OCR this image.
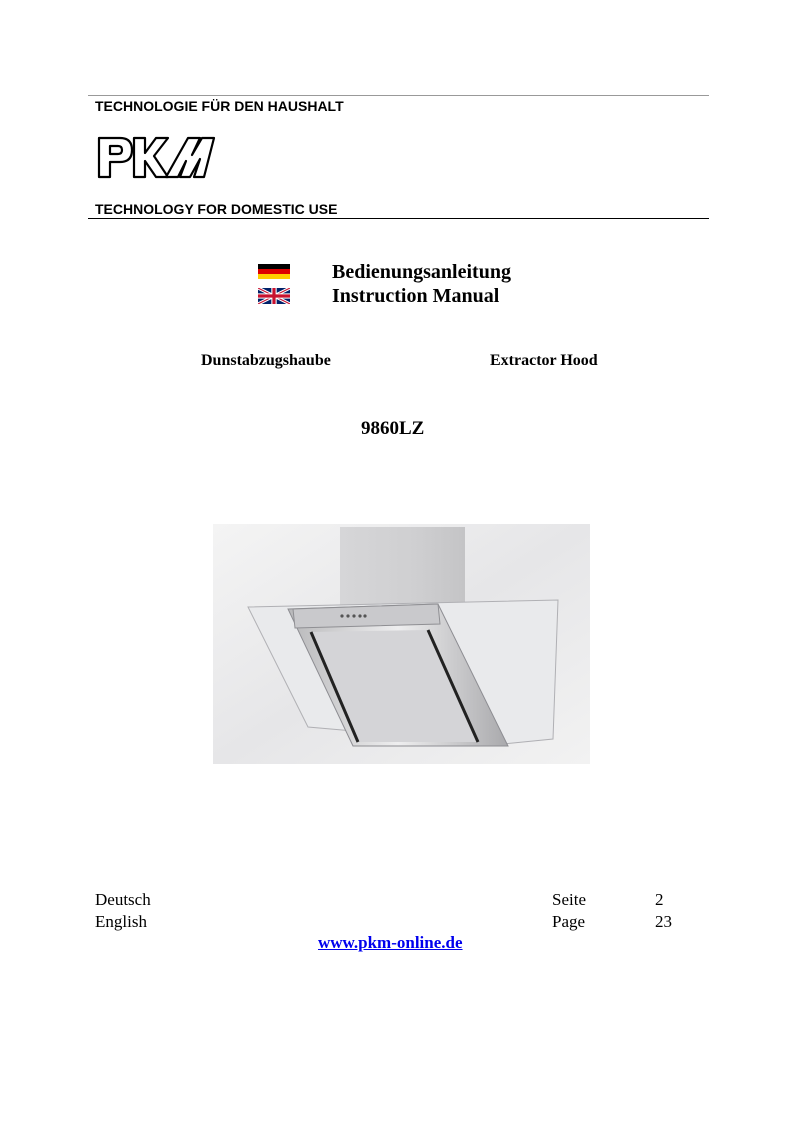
TECHNOLOGIE FÜR DEN HAUSHALT
TECHNOLOGY FOR DOMESTIC USE
Bedienungsanleitung
Instruction Manual
Dunstabzugshaube	Extractor Hood
9860LZ
Deutsch	Seite	2
English	Page	23
www.pkm-online.de
